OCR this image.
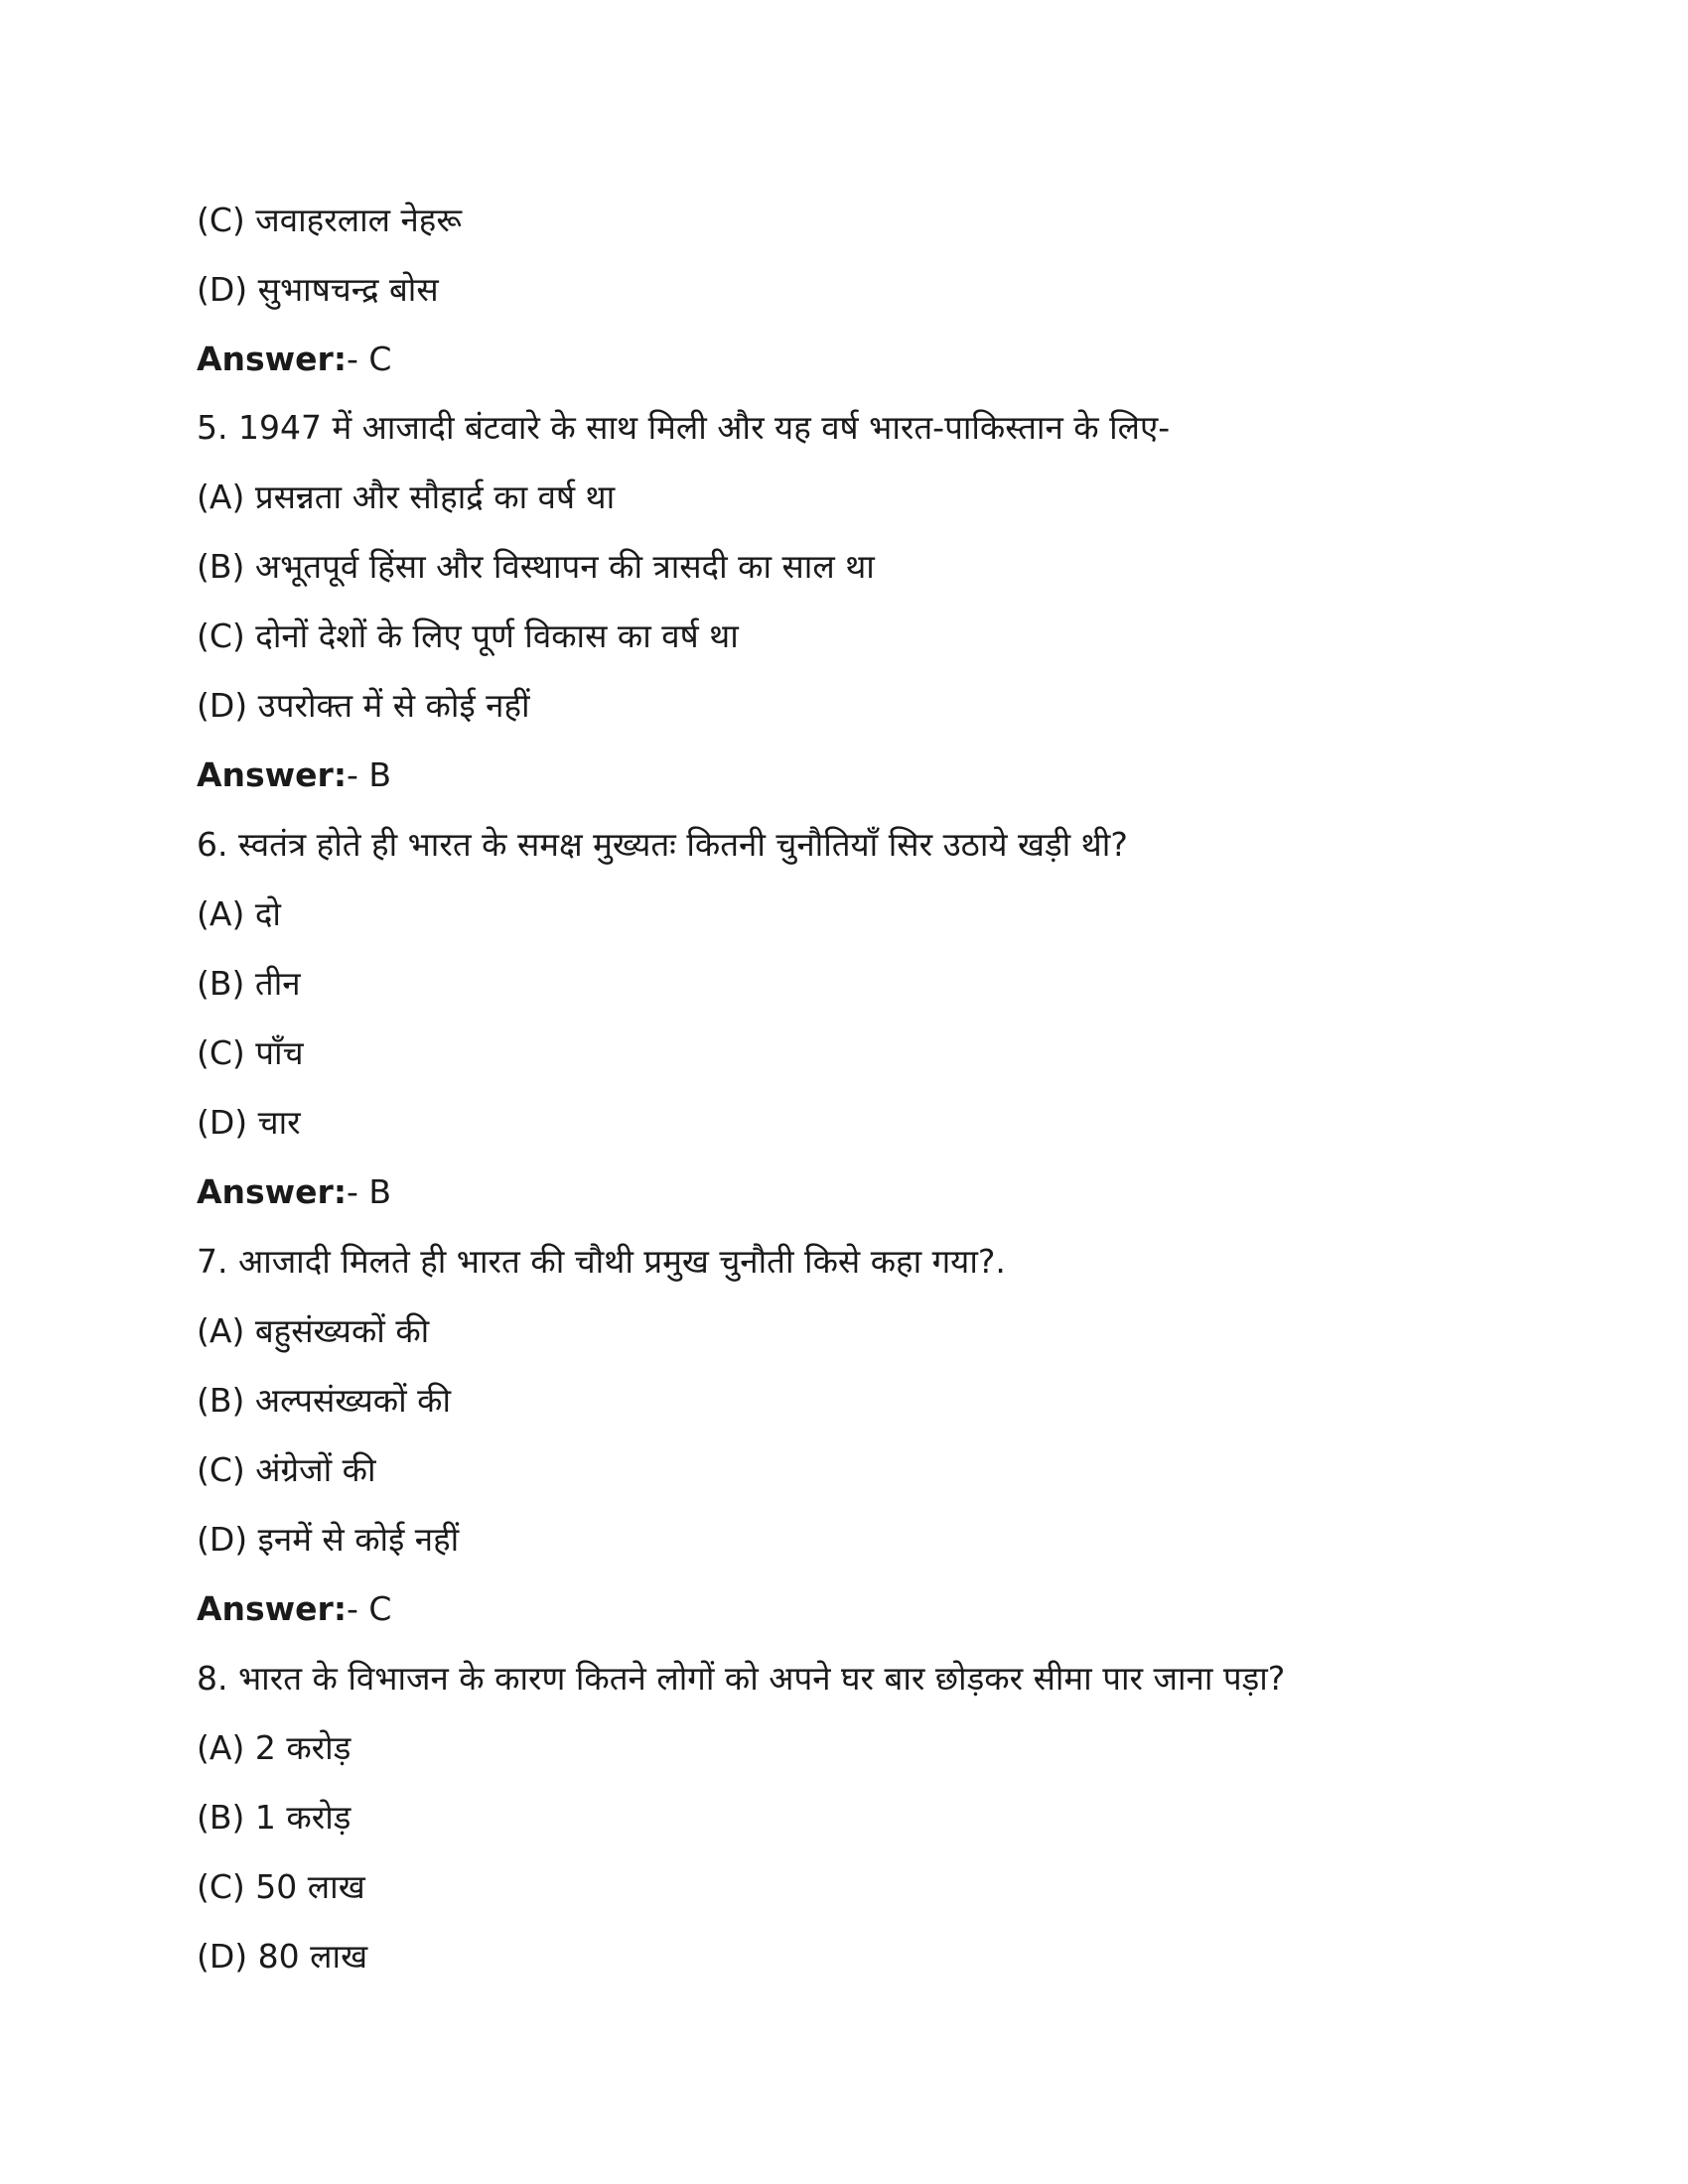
(C) जवाहरलाल नेहरू
(D) सुभाषचन्द्र बोस
Answer:- C
5. 1947 में आजादी बंटवारे के साथ मिली और यह वर्ष भारत-पाकिस्तान के लिए-
(A) प्रसन्नता और सौहार्द्र का वर्ष था
(B) अभूतपूर्व हिंसा और विस्थापन की त्रासदी का साल था
(C) दोनों देशों के लिए पूर्ण विकास का वर्ष था
(D) उपरोक्त में से कोई नहीं
Answer:- B
6. स्वतंत्र होते ही भारत के समक्ष मुख्यतः कितनी चुनौतियाँ सिर उठाये खड़ी थी?
(A) दो
(B) तीन
(C) पाँच
(D) चार
Answer:- B
7. आजादी मिलते ही भारत की चौथी प्रमुख चुनौती किसे कहा गया?.
(A) बहुसंख्यकों की
(B) अल्पसंख्यकों की
(C) अंग्रेजों की
(D) इनमें से कोई नहीं
Answer:- C
8. भारत के विभाजन के कारण कितने लोगों को अपने घर बार छोड़कर सीमा पार जाना पड़ा?
(A) 2 करोड़
(B) 1 करोड़
(C) 50 लाख
(D) 80 लाख
